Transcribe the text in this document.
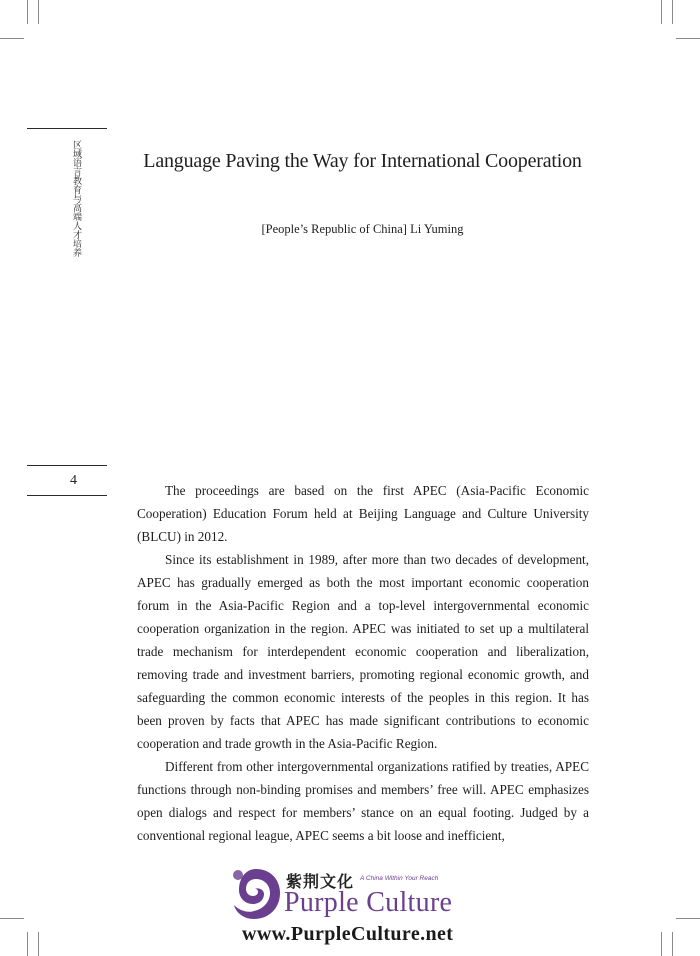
区域语言教育与高端人才培养
4
Language Paving the Way for International Cooperation
[People’s Republic of China] Li Yuming

The proceedings are based on the first APEC (Asia-Pacific Economic Cooperation) Education Forum held at Beijing Language and Culture University (BLCU) in 2012.

Since its establishment in 1989, after more than two decades of development, APEC has gradually emerged as both the most important economic cooperation forum in the Asia-Pacific Region and a top-level intergovernmental economic cooperation organization in the region. APEC was initiated to set up a multilateral trade mechanism for interdependent economic cooperation and liberalization, removing trade and investment barriers, promoting regional economic growth, and safeguarding the common economic interests of the peoples in this region. It has been proven by facts that APEC has made significant contributions to economic cooperation and trade growth in the Asia-Pacific Region.

Different from other intergovernmental organizations ratified by treaties, APEC functions through non-binding promises and members’ free will. APEC emphasizes open dialogs and respect for members’ stance on an equal footing. Judged by a conventional regional league, APEC seems a bit loose and inefficient,

紫荆文化 A China Within Your Reach
Purple Culture
www.PurpleCulture.net
